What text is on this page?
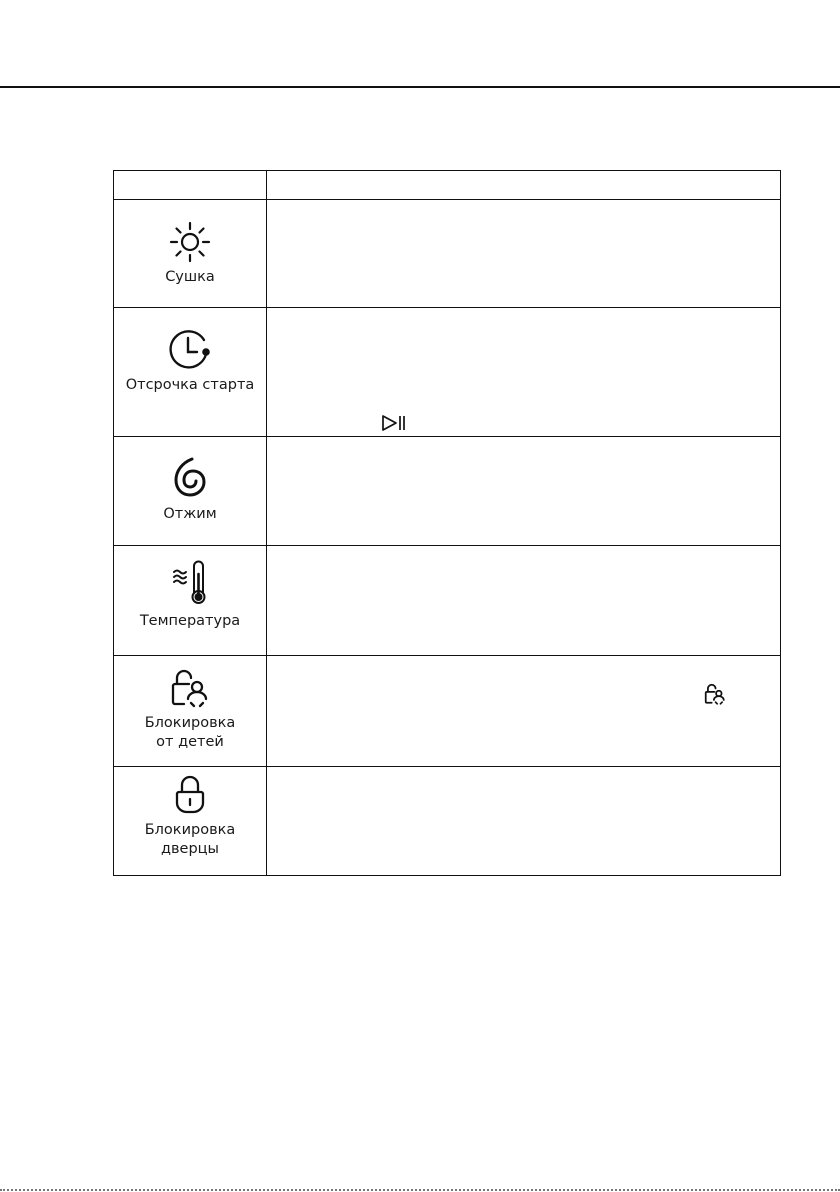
Сушка	

Отсрочка старта

Отжим	

Температура	

Блокировка
от детей

Блокировка
дверцы	
